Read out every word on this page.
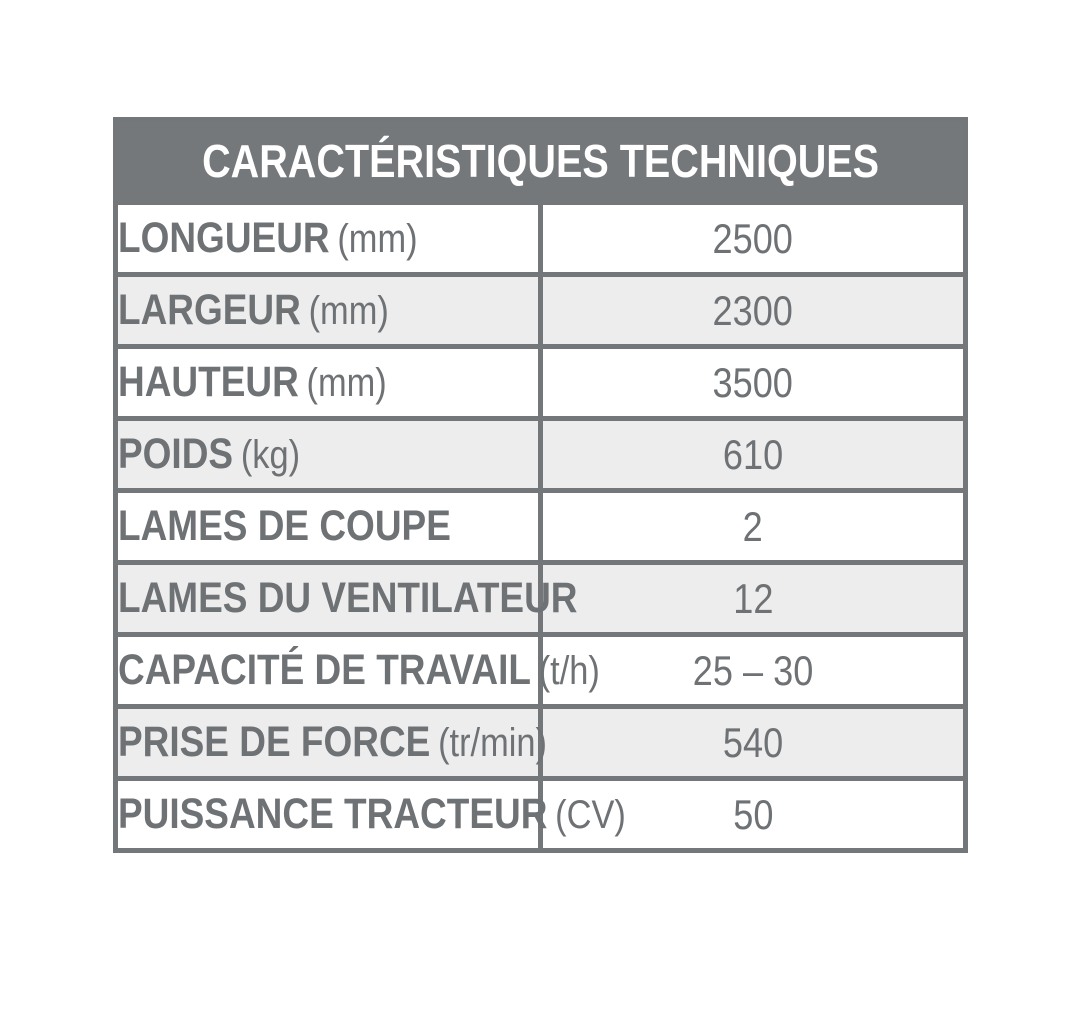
CARACTÉRISTIQUES TECHNIQUES	
LONGUEUR (mm)	2500
LARGEUR (mm)	2300
HAUTEUR (mm)	3500
POIDS (kg)	610
LAMES DE COUPE	2
LAMES DU VENTILATEUR	12
CAPACITÉ DE TRAVAIL (t/h)	25 – 30
PRISE DE FORCE (tr/min)	540
PUISSANCE TRACTEUR (CV)	50
